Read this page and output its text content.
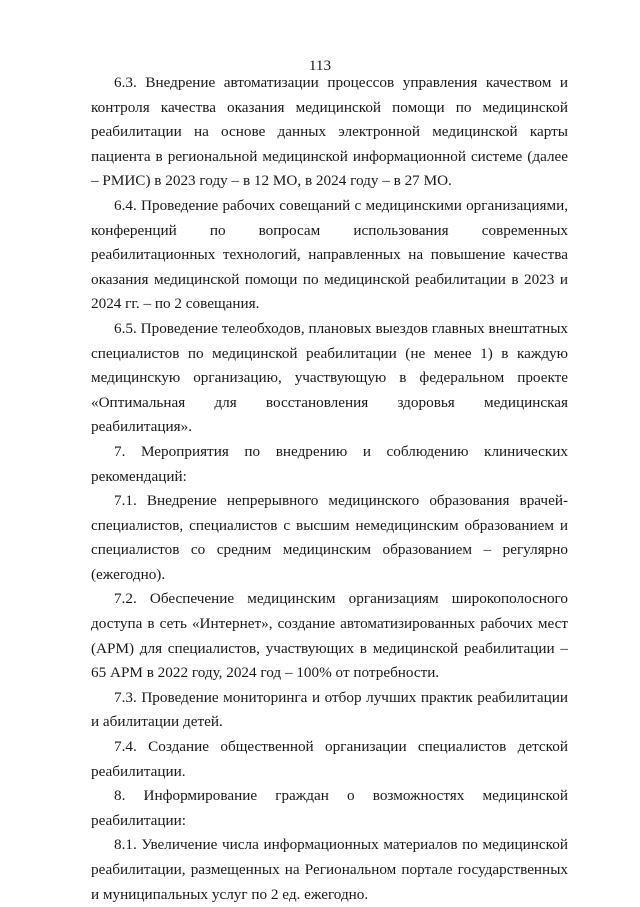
113

6.3. Внедрение автоматизации процессов управления качеством и контроля качества оказания медицинской помощи по медицинской реабилитации на основе данных электронной медицинской карты пациента в региональной медицинской информационной системе (далее – РМИС) в 2023 году – в 12 МО, в 2024 году – в 27 МО.

6.4. Проведение рабочих совещаний с медицинскими организациями, конференций по вопросам использования современных реабилитационных технологий, направленных на повышение качества оказания медицинской помощи по медицинской реабилитации в 2023 и 2024 гг. – по 2 совещания.

6.5. Проведение телеобходов, плановых выездов главных внештатных специалистов по медицинской реабилитации (не менее 1) в каждую медицинскую организацию, участвующую в федеральном проекте «Оптимальная для восстановления здоровья медицинская реабилитация».

7. Мероприятия по внедрению и соблюдению клинических рекомендаций:

7.1. Внедрение непрерывного медицинского образования врачей-специалистов, специалистов с высшим немедицинским образованием и специалистов со средним медицинским образованием – регулярно (ежегодно).

7.2. Обеспечение медицинским организациям широкополосного доступа в сеть «Интернет», создание автоматизированных рабочих мест (АРМ) для специалистов, участвующих в медицинской реабилитации – 65 АРМ в 2022 году, 2024 год – 100% от потребности.

7.3. Проведение мониторинга и отбор лучших практик реабилитации и абилитации детей.

7.4. Создание общественной организации специалистов детской реабилитации.

8. Информирование граждан о возможностях медицинской реабилитации:

8.1. Увеличение числа информационных материалов по медицинской реабилитации, размещенных на Региональном портале государственных и муниципальных услуг по 2 ед. ежегодно.
